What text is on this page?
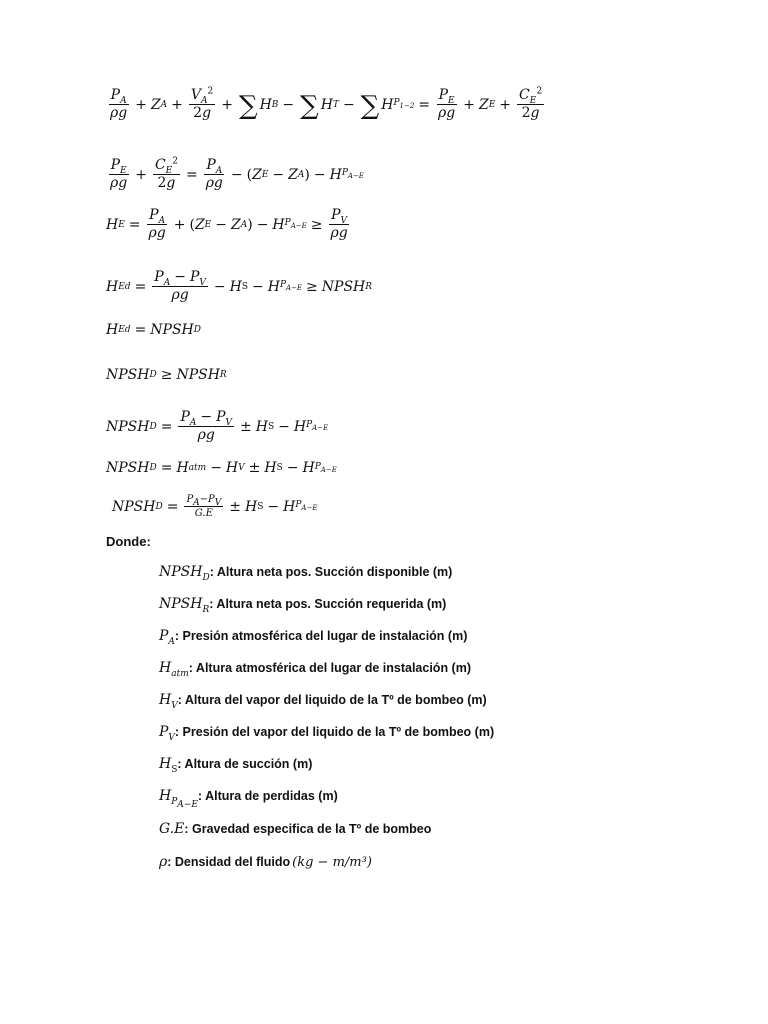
$\frac{P_A}{\rho g} + Z$ $A + \frac{V_A^2}{2g}$ + ∑ H B − ∑ H T − ∑ H $P_{1-2} = \frac{P_E}{\rho g} + Z$ $E + \frac{C_E^2}{2g}$
$\frac{P_E}{\rho g} + \frac{C_E^2}{2g} = \frac{P_A}{\rho g}$ − ( Z E − Z A ) − H $P_{A-E}$
H $E = \frac{P_A}{\rho g}$ + ( Z E − Z A ) − H $P_{A-E} \ge \frac{P_V}{\rho g}$
H $Ed = \frac{P_A - P_V}{\rho g} - H$ S − H $P_{A-E}$ ≥ NPSH R
H Ed = NPSH D
NPSH D ≥ NPSH R
NPSH $D = \frac{P_A - P_V}{\rho g} \pm H$ S − H $P_{A-E}$
NPSH D = H atm − H V ± H S − H $P_{A-E}$
NPSH $D = \frac{P_A-P_V}{G.E} \pm H$ S − H $P_{A-E}$
Donde:
$NPSH_D$ : Altura neta pos. Succión disponible (m)
$NPSH_R$ : Altura neta pos. Succión requerida (m)
$P_A$ : Presión atmosférica del lugar de instalación (m)
$H_{atm}$ : Altura atmosférica del lugar de instalación (m)
$H_V$ : Altura del vapor del liquido de la Tº de bombeo (m)
$P_V$ : Presión del vapor del liquido de la Tº de bombeo (m)
$H_S$ : Altura de succión (m)
$H_{P_{A-E}}$
: Altura de perdidas (m)
G.E : Gravedad especifica de la Tº de bombeo
ρ : Densidad del fluido (kg − m/m³)
